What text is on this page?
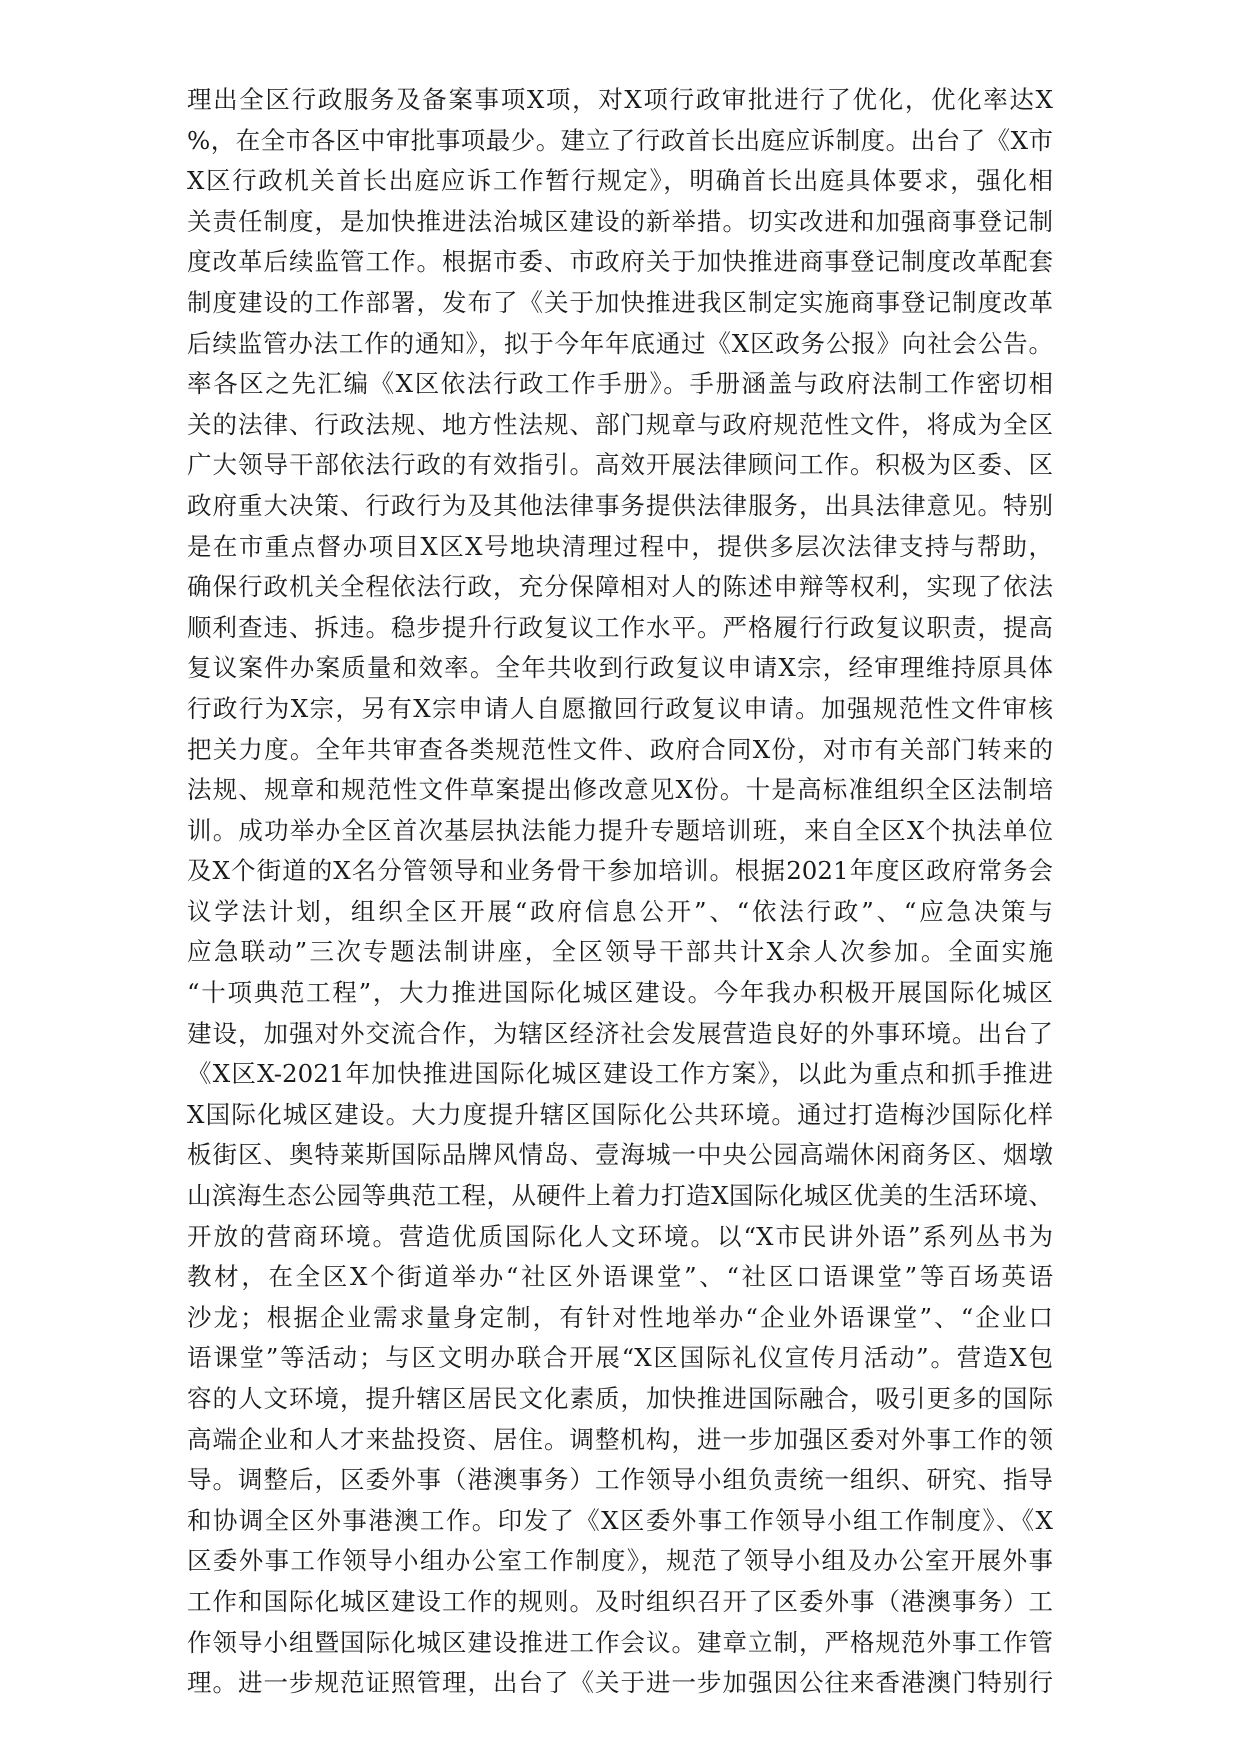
理出全区行政服务及备案事项X项，对X项行政审批进行了优化，优化率达X
%，在全市各区中审批事项最少。建立了行政首长出庭应诉制度。出台了《X市
X区行政机关首长出庭应诉工作暂行规定》，明确首长出庭具体要求，强化相
关责任制度，是加快推进法治城区建设的新举措。切实改进和加强商事登记制
度改革后续监管工作。根据市委、市政府关于加快推进商事登记制度改革配套
制度建设的工作部署，发布了《关于加快推进我区制定实施商事登记制度改革
后续监管办法工作的通知》，拟于今年年底通过《X区政务公报》向社会公告。
率各区之先汇编《X区依法行政工作手册》。手册涵盖与政府法制工作密切相
关的法律、行政法规、地方性法规、部门规章与政府规范性文件，将成为全区
广大领导干部依法行政的有效指引。高效开展法律顾问工作。积极为区委、区
政府重大决策、行政行为及其他法律事务提供法律服务，出具法律意见。特别
是在市重点督办项目X区X号地块清理过程中，提供多层次法律支持与帮助，
确保行政机关全程依法行政，充分保障相对人的陈述申辩等权利，实现了依法
顺利查违、拆违。稳步提升行政复议工作水平。严格履行行政复议职责，提高
复议案件办案质量和效率。全年共收到行政复议申请X宗，经审理维持原具体
行政行为X宗，另有X宗申请人自愿撤回行政复议申请。加强规范性文件审核
把关力度。全年共审查各类规范性文件、政府合同X份，对市有关部门转来的
法规、规章和规范性文件草案提出修改意见X份。十是高标准组织全区法制培
训。成功举办全区首次基层执法能力提升专题培训班，来自全区X个执法单位
及X个街道的X名分管领导和业务骨干参加培训。根据2021年度区政府常务会
议学法计划，组织全区开展“政府信息公开”、“依法行政”、“应急决策与
应急联动”三次专题法制讲座，全区领导干部共计X余人次参加。全面实施
“十项典范工程”，大力推进国际化城区建设。今年我办积极开展国际化城区
建设，加强对外交流合作，为辖区经济社会发展营造良好的外事环境。出台了
《X区X-2021年加快推进国际化城区建设工作方案》，以此为重点和抓手推进
X国际化城区建设。大力度提升辖区国际化公共环境。通过打造梅沙国际化样
板街区、奥特莱斯国际品牌风情岛、壹海城一中央公园高端休闲商务区、烟墩
山滨海生态公园等典范工程，从硬件上着力打造X国际化城区优美的生活环境、
开放的营商环境。营造优质国际化人文环境。以“X市民讲外语”系列丛书为
教材，在全区X个街道举办“社区外语课堂”、“社区口语课堂”等百场英语
沙龙；根据企业需求量身定制，有针对性地举办“企业外语课堂”、“企业口
语课堂”等活动；与区文明办联合开展“X区国际礼仪宣传月活动”。营造X包
容的人文环境，提升辖区居民文化素质，加快推进国际融合，吸引更多的国际
高端企业和人才来盐投资、居住。调整机构，进一步加强区委对外事工作的领
导。调整后，区委外事（港澳事务）工作领导小组负责统一组织、研究、指导
和协调全区外事港澳工作。印发了《X区委外事工作领导小组工作制度》、《X
区委外事工作领导小组办公室工作制度》，规范了领导小组及办公室开展外事
工作和国际化城区建设工作的规则。及时组织召开了区委外事（港澳事务）工
作领导小组暨国际化城区建设推进工作会议。建章立制，严格规范外事工作管
理。进一步规范证照管理，出台了《关于进一步加强因公往来香港澳门特别行
